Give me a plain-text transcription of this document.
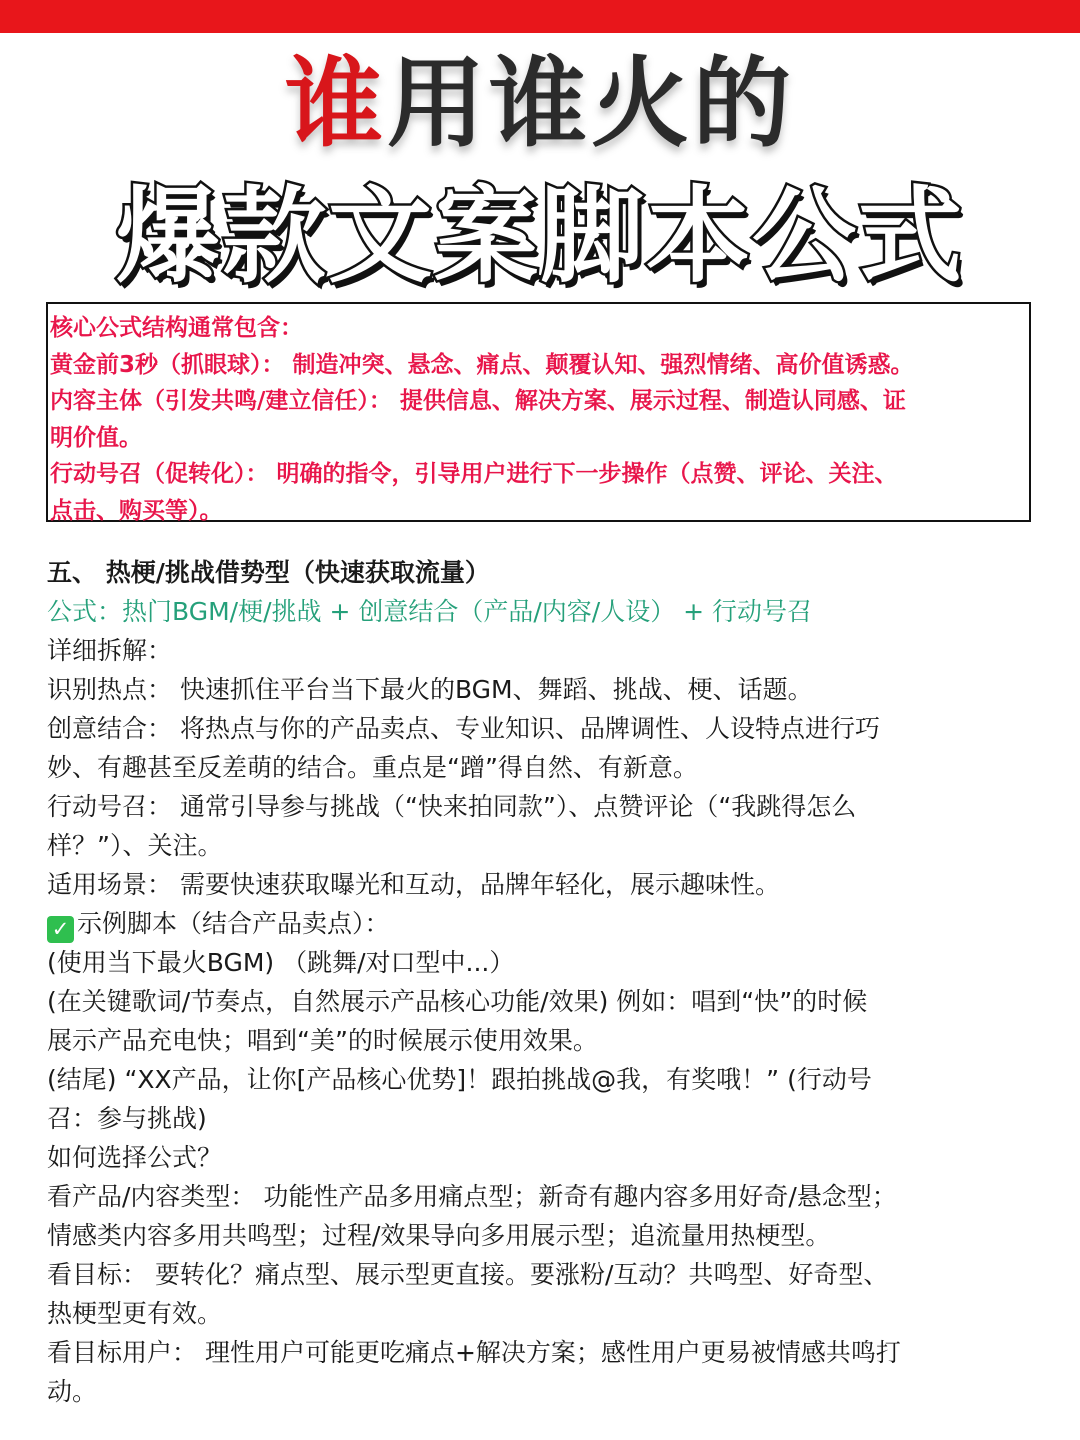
谁用谁火的
爆款文案脚本公式
核心公式结构通常包含：
黄金前3秒（抓眼球）： 制造冲突、悬念、痛点、颠覆认知、强烈情绪、高价值诱惑。
内容主体（引发共鸣/建立信任）： 提供信息、解决方案、展示过程、制造认同感、证
明价值。
行动号召（促转化）： 明确的指令，引导用户进行下一步操作（点赞、评论、关注、
点击、购买等）。
五、 热梗/挑战借势型（快速获取流量）
公式：热门BGM/梗/挑战 + 创意结合（产品/内容/人设） + 行动号召
详细拆解：
识别热点： 快速抓住平台当下最火的BGM、舞蹈、挑战、梗、话题。
创意结合： 将热点与你的产品卖点、专业知识、品牌调性、人设特点进行巧
妙、有趣甚至反差萌的结合。重点是“蹭”得自然、有新意。
行动号召： 通常引导参与挑战（“快来拍同款”）、点赞评论（“我跳得怎么
样？”）、关注。
适用场景： 需要快速获取曝光和互动，品牌年轻化，展示趣味性。
✓ 示例脚本（结合产品卖点）：
(使用当下最火BGM) （跳舞/对口型中...）
(在关键歌词/节奏点，自然展示产品核心功能/效果) 例如：唱到“快”的时候
展示产品充电快；唱到“美”的时候展示使用效果。
(结尾) “XX产品，让你[产品核心优势]！跟拍挑战@我，有奖哦！” (行动号
召：参与挑战)
如何选择公式？
看产品/内容类型： 功能性产品多用痛点型；新奇有趣内容多用好奇/悬念型；
情感类内容多用共鸣型；过程/效果导向多用展示型；追流量用热梗型。
看目标： 要转化？痛点型、展示型更直接。要涨粉/互动？共鸣型、好奇型、
热梗型更有效。
看目标用户： 理性用户可能更吃痛点+解决方案；感性用户更易被情感共鸣打
动。
